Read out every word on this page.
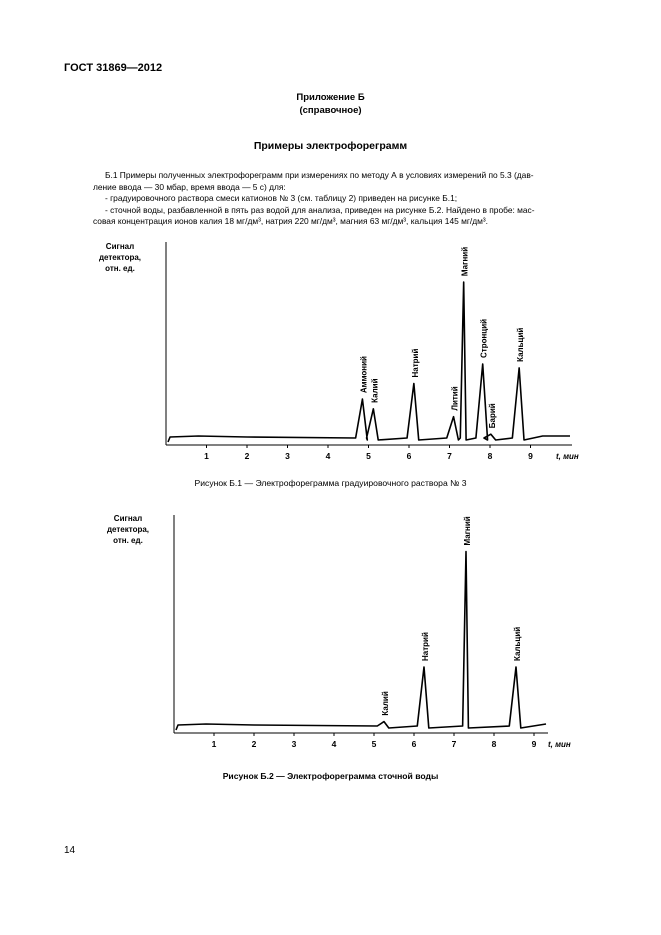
ГОСТ 31869—2012
Приложение Б
(справочное)
Примеры электрофореграмм

Б.1 Примеры полученных электрофореграмм при измерениях по методу А в условиях измерений по 5.3 (дав-

ление ввода — 30 мбар, время ввода — 5 с) для:

- градуировочного раствора смеси катионов № 3 (см. таблицу 2) приведен на рисунке Б.1;

- сточной воды, разбавленной в пять раз водой для анализа, приведен на рисунке Б.2. Найдено в пробе: мас-

совая концентрация ионов калия 18 мг/дм³, натрия 220 мг/дм³, магния 63 мг/дм³, кальция 145 мг/дм³.

Сигнал
детектора,
отн. ед.
1	2	3	4	5	6	7	8	9	t, мин
Аммоний Калий
Натрий
Литий
Магний
Стронций
Барий
Кальций
Сигнал
детектора,
отн. ед.
1	2	3	4	5	6	7	8	9 t, мин
Калий
Натрий
Магний
Кальций
Рисунок Б.1 — Электрофореграмма градуировочного раствора № 3
Рисунок Б.2 — Электрофореграмма сточной воды
14
